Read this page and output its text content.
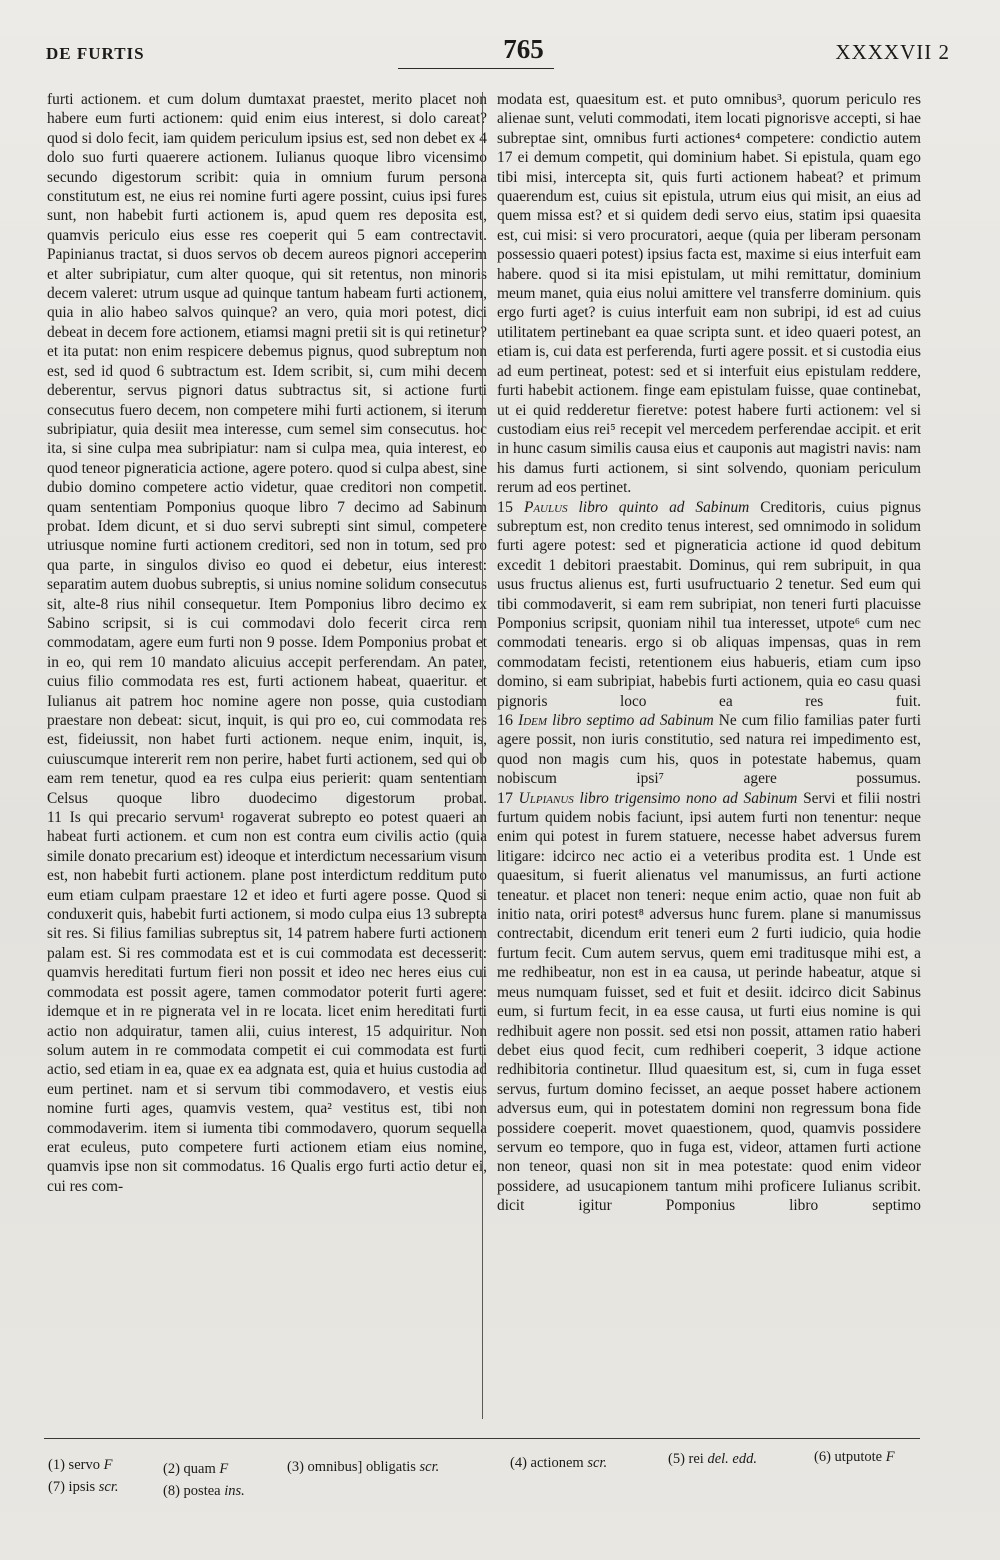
DE FURTIS	765	XXXXVII 2

furti actionem. et cum dolum dumtaxat praestet, merito placet non habere eum furti actionem: quid enim eius interest, si dolo careat? quod si dolo fecit, iam quidem periculum ipsius est, sed non debet ex 4 dolo suo furti quaerere actionem. Iulianus quoque libro vicensimo secundo digestorum scribit: quia in omnium furum persona constitutum est, ne eius rei nomine furti agere possint, cuius ipsi fures sunt, non habebit furti actionem is, apud quem res deposita est, quamvis periculo eius esse res coeperit qui 5 eam contrectavit. Papinianus tractat, si duos servos ob decem aureos pignori acceperim et alter subripiatur, cum alter quoque, qui sit retentus, non minoris decem valeret: utrum usque ad quinque tantum habeam furti actionem, quia in alio habeo salvos quinque? an vero, quia mori potest, dici debeat in decem fore actionem, etiamsi magni pretii sit is qui retinetur? et ita putat: non enim respicere debemus pignus, quod subreptum non est, sed id quod 6 subtractum est. Idem scribit, si, cum mihi decem deberentur, servus pignori datus subtractus sit, si actione furti consecutus fuero decem, non competere mihi furti actionem, si iterum subripiatur, quia desiit mea interesse, cum semel sim consecutus. hoc ita, si sine culpa mea subripiatur: nam si culpa mea, quia interest, eo quod teneor pigneraticia actione, agere potero. quod si culpa abest, sine dubio domino competere actio videtur, quae creditori non competit. quam sententiam Pomponius quoque libro 7 decimo ad Sabinum probat. Idem dicunt, et si duo servi subrepti sint simul, competere utriusque nomine furti actionem creditori, sed non in totum, sed pro qua parte, in singulos diviso eo quod ei debetur, eius interest: separatim autem duobus subreptis, si unius nomine solidum consecutus sit, alte-8 rius nihil consequetur. Item Pomponius libro decimo ex Sabino scripsit, si is cui commodavi dolo fecerit circa rem commodatam, agere eum furti non 9 posse. Idem Pomponius probat et in eo, qui rem 10 mandato alicuius accepit perferendam. An pater, cuius filio commodata res est, furti actionem habeat, quaeritur. et Iulianus ait patrem hoc nomine agere non posse, quia custodiam praestare non debeat: sicut, inquit, is qui pro eo, cui commodata res est, fideiussit, non habet furti actionem. neque enim, inquit, is, cuiuscumque intererit rem non perire, habet furti actionem, sed qui ob eam rem tenetur, quod ea res culpa eius perierit: quam sententiam Celsus quoque libro duodecimo digestorum probat.

11 Is qui precario servum¹ rogaverat subrepto eo potest quaeri an habeat furti actionem. et cum non est contra eum civilis actio (quia simile donato precarium est) ideoque et interdictum necessarium visum est, non habebit furti actionem. plane post interdictum redditum puto eum etiam culpam praestare 12 et ideo et furti agere posse. Quod si conduxerit quis, habebit furti actionem, si modo culpa eius 13 subrepta sit res. Si filius familias subreptus sit, 14 patrem habere furti actionem palam est. Si res commodata est et is cui commodata est decesserit: quamvis hereditati furtum fieri non possit et ideo nec heres eius cui commodata est possit agere, tamen commodator poterit furti agere: idemque et in re pignerata vel in re locata. licet enim hereditati furti actio non adquiratur, tamen alii, cuius interest, 15 adquiritur. Non solum autem in re commodata competit ei cui commodata est furti actio, sed etiam in ea, quae ex ea adgnata est, quia et huius custodia ad eum pertinet. nam et si servum tibi commodavero, et vestis eius nomine furti ages, quamvis vestem, qua² vestitus est, tibi non commodaverim. item si iumenta tibi commodavero, quorum sequella erat eculeus, puto competere furti actionem etiam eius nomine, quamvis ipse non sit commodatus. 16 Qualis ergo furti actio detur ei, cui res com-

modata est, quaesitum est. et puto omnibus³, quorum periculo res alienae sunt, veluti commodati, item locati pignorisve accepti, si hae subreptae sint, omnibus furti actiones⁴ competere: condictio autem 17 ei demum competit, qui dominium habet. Si epistula, quam ego tibi misi, intercepta sit, quis furti actionem habeat? et primum quaerendum est, cuius sit epistula, utrum eius qui misit, an eius ad quem missa est? et si quidem dedi servo eius, statim ipsi quaesita est, cui misi: si vero procuratori, aeque (quia per liberam personam possessio quaeri potest) ipsius facta est, maxime si eius interfuit eam habere. quod si ita misi epistulam, ut mihi remittatur, dominium meum manet, quia eius nolui amittere vel transferre dominium. quis ergo furti aget? is cuius interfuit eam non subripi, id est ad cuius utilitatem pertinebant ea quae scripta sunt. et ideo quaeri potest, an etiam is, cui data est perferenda, furti agere possit. et si custodia eius ad eum pertineat, potest: sed et si interfuit eius epistulam reddere, furti habebit actionem. finge eam epistulam fuisse, quae continebat, ut ei quid redderetur fieretve: potest habere furti actionem: vel si custodiam eius rei⁵ recepit vel mercedem perferendae accipit. et erit in hunc casum similis causa eius et cauponis aut magistri navis: nam his damus furti actionem, si sint solvendo, quoniam periculum rerum ad eos pertinet.

15 Paulus libro quinto ad Sabinum Creditoris, cuius pignus subreptum est, non credito tenus interest, sed omnimodo in solidum furti agere potest: sed et pigneraticia actione id quod debitum excedit 1 debitori praestabit. Dominus, qui rem subripuit, in qua usus fructus alienus est, furti usufructuario 2 tenetur. Sed eum qui tibi commodaverit, si eam rem subripiat, non teneri furti placuisse Pomponius scripsit, quoniam nihil tua interesset, utpote⁶ cum nec commodati tenearis. ergo si ob aliquas impensas, quas in rem commodatam fecisti, retentionem eius habueris, etiam cum ipso domino, si eam subripiat, habebis furti actionem, quia eo casu quasi pignoris loco ea res fuit.

16 Idem libro septimo ad Sabinum Ne cum filio familias pater furti agere possit, non iuris constitutio, sed natura rei impedimento est, quod non magis cum his, quos in potestate habemus, quam nobiscum ipsi⁷ agere possumus.

17 Ulpianus libro trigensimo nono ad Sabinum Servi et filii nostri furtum quidem nobis faciunt, ipsi autem furti non tenentur: neque enim qui potest in furem statuere, necesse habet adversus furem litigare: idcirco nec actio ei a veteribus prodita est. 1 Unde est quaesitum, si fuerit alienatus vel manumissus, an furti actione teneatur. et placet non teneri: neque enim actio, quae non fuit ab initio nata, oriri potest⁸ adversus hunc furem. plane si manumissus contrectabit, dicendum erit teneri eum 2 furti iudicio, quia hodie furtum fecit. Cum autem servus, quem emi traditusque mihi est, a me redhibeatur, non est in ea causa, ut perinde habeatur, atque si meus numquam fuisset, sed et fuit et desiit. idcirco dicit Sabinus eum, si furtum fecit, in ea esse causa, ut furti eius nomine is qui redhibuit agere non possit. sed etsi non possit, attamen ratio haberi debet eius quod fecit, cum redhiberi coeperit, 3 idque actione redhibitoria continetur. Illud quaesitum est, si, cum in fuga esset servus, furtum domino fecisset, an aeque posset habere actionem adversus eum, qui in potestatem domini non regressum bona fide possidere coeperit. movet quaestionem, quod, quamvis possidere servum eo tempore, quo in fuga est, videor, attamen furti actione non teneor, quasi non sit in mea potestate: quod enim videor possidere, ad usucapionem tantum mihi proficere Iulianus scribit. dicit igitur Pomponius libro septimo

(1) servo F	(2) quam F	(3) omnibus] obligatis scr.	(4) actionem scr.	(5) rei del. edd.	(6) utputote F
(7) ipsis scr.	(8) postea ins.
